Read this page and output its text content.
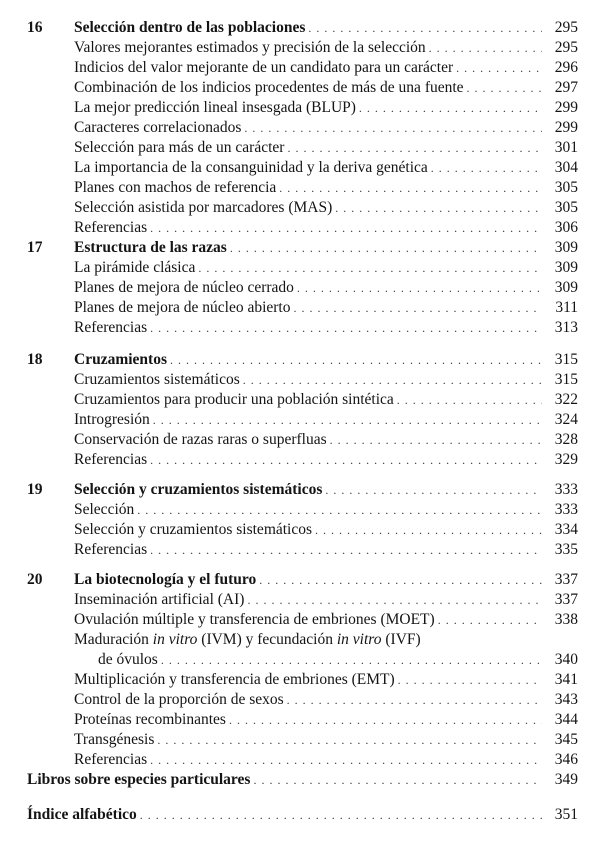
16 Selección dentro de las poblaciones . . .	295
Valores mejorantes estimados y precisión de la selección . . .	295
Indicios del valor mejorante de un candidato para un carácter . . .	296
Combinación de los indicios procedentes de más de una fuente . . .	297
La mejor predicción lineal insesgada (BLUP) . . .	299
Caracteres correlacionados . . .	299
Selección para más de un carácter . . .	301
La importancia de la consanguinidad y la deriva genética . . .	304
Planes con machos de referencia . . .	305
Selección asistida por marcadores (MAS) . . .	305
Referencias . . .	306
17 Estructura de las razas . . .	309
La pirámide clásica . . .	309
Planes de mejora de núcleo cerrado . . .	309
Planes de mejora de núcleo abierto . . .	311
Referencias . . .	313
18 Cruzamientos . . .	315
Cruzamientos sistemáticos . . .	315
Cruzamientos para producir una población sintética . . .	322
Introgresión . . .	324
Conservación de razas raras o superfluas . . .	328
Referencias . . .	329
19 Selección y cruzamientos sistemáticos . . .	333
Selección . . .	333
Selección y cruzamientos sistemáticos . . .	334
Referencias . . .	335
20 La biotecnología y el futuro . . .	337
Inseminación artificial (AI) . . .	337
Ovulación múltiple y transferencia de embriones (MOET) . . .	338
Maduración in vitro (IVM) y fecundación in vitro (IVF)
de óvulos . . .	340
Multiplicación y transferencia de embriones (EMT) . . .	341
Control de la proporción de sexos . . .	343
Proteínas recombinantes . . .	344
Transgénesis . . .	345
Referencias . . .	346
Libros sobre especies particulares . . .	349
Índice alfabético . . .	351
